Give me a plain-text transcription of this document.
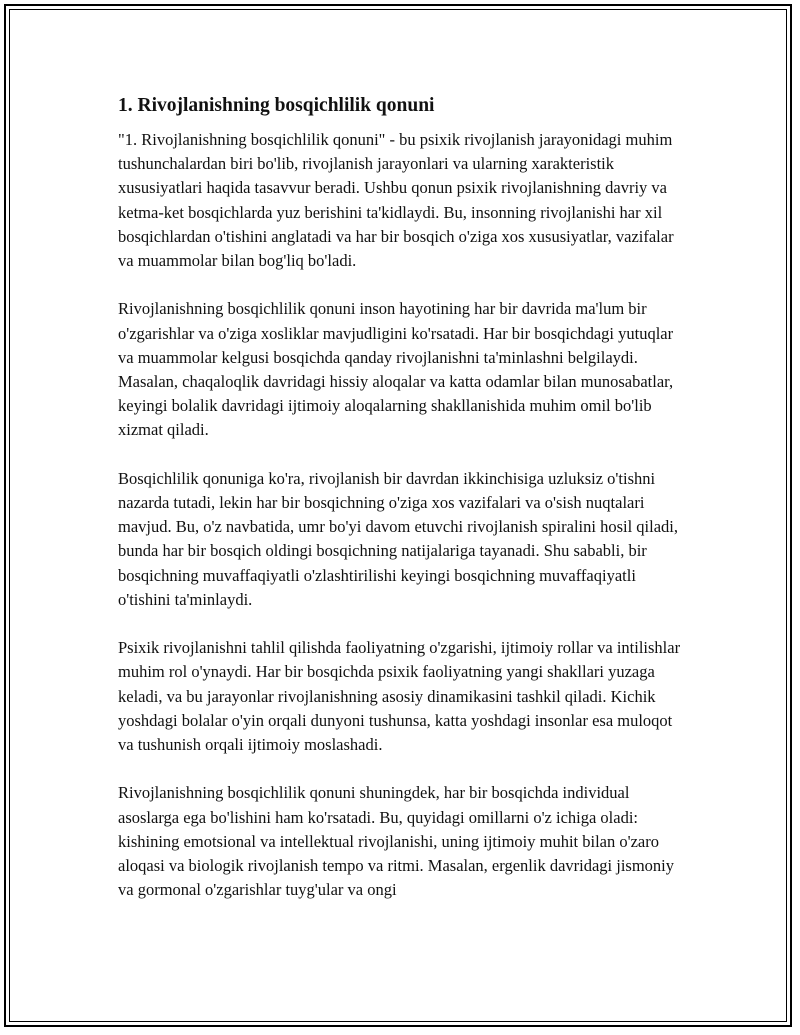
1. Rivojlanishning bosqichlilik qonuni

"1. Rivojlanishning bosqichlilik qonuni" - bu psixik rivojlanish jarayonidagi muhim tushunchalardan biri bo'lib, rivojlanish jarayonlari va ularning xarakteristik xususiyatlari haqida tasavvur beradi. Ushbu qonun psixik rivojlanishning davriy va ketma-ket bosqichlarda yuz berishini ta'kidlaydi. Bu, insonning rivojlanishi har xil bosqichlardan o'tishini anglatadi va har bir bosqich o'ziga xos xususiyatlar, vazifalar va muammolar bilan bog'liq bo'ladi.

Rivojlanishning bosqichlilik qonuni inson hayotining har bir davrida ma'lum bir o'zgarishlar va o'ziga xosliklar mavjudligini ko'rsatadi. Har bir bosqichdagi yutuqlar va muammolar kelgusi bosqichda qanday rivojlanishni ta'minlashni belgilaydi. Masalan, chaqaloqlik davridagi hissiy aloqalar va katta odamlar bilan munosabatlar, keyingi bolalik davridagi ijtimoiy aloqalarning shakllanishida muhim omil bo'lib xizmat qiladi.

Bosqichlilik qonuniga ko'ra, rivojlanish bir davrdan ikkinchisiga uzluksiz o'tishni nazarda tutadi, lekin har bir bosqichning o'ziga xos vazifalari va o'sish nuqtalari mavjud. Bu, o'z navbatida, umr bo'yi davom etuvchi rivojlanish spiralini hosil qiladi, bunda har bir bosqich oldingi bosqichning natijalariga tayanadi. Shu sababli, bir bosqichning muvaffaqiyatli o'zlashtirilishi keyingi bosqichning muvaffaqiyatli o'tishini ta'minlaydi.

Psixik rivojlanishni tahlil qilishda faoliyatning o'zgarishi, ijtimoiy rollar va intilishlar muhim rol o'ynaydi. Har bir bosqichda psixik faoliyatning yangi shakllari yuzaga keladi, va bu jarayonlar rivojlanishning asosiy dinamikasini tashkil qiladi. Kichik yoshdagi bolalar o'yin orqali dunyoni tushunsa, katta yoshdagi insonlar esa muloqot va tushunish orqali ijtimoiy moslashadi.

Rivojlanishning bosqichlilik qonuni shuningdek, har bir bosqichda individual asoslarga ega bo'lishini ham ko'rsatadi. Bu, quyidagi omillarni o'z ichiga oladi: kishining emotsional va intellektual rivojlanishi, uning ijtimoiy muhit bilan o'zaro aloqasi va biologik rivojlanish tempo va ritmi. Masalan, ergenlik davridagi jismoniy va gormonal o'zgarishlar tuyg'ular va ongi
